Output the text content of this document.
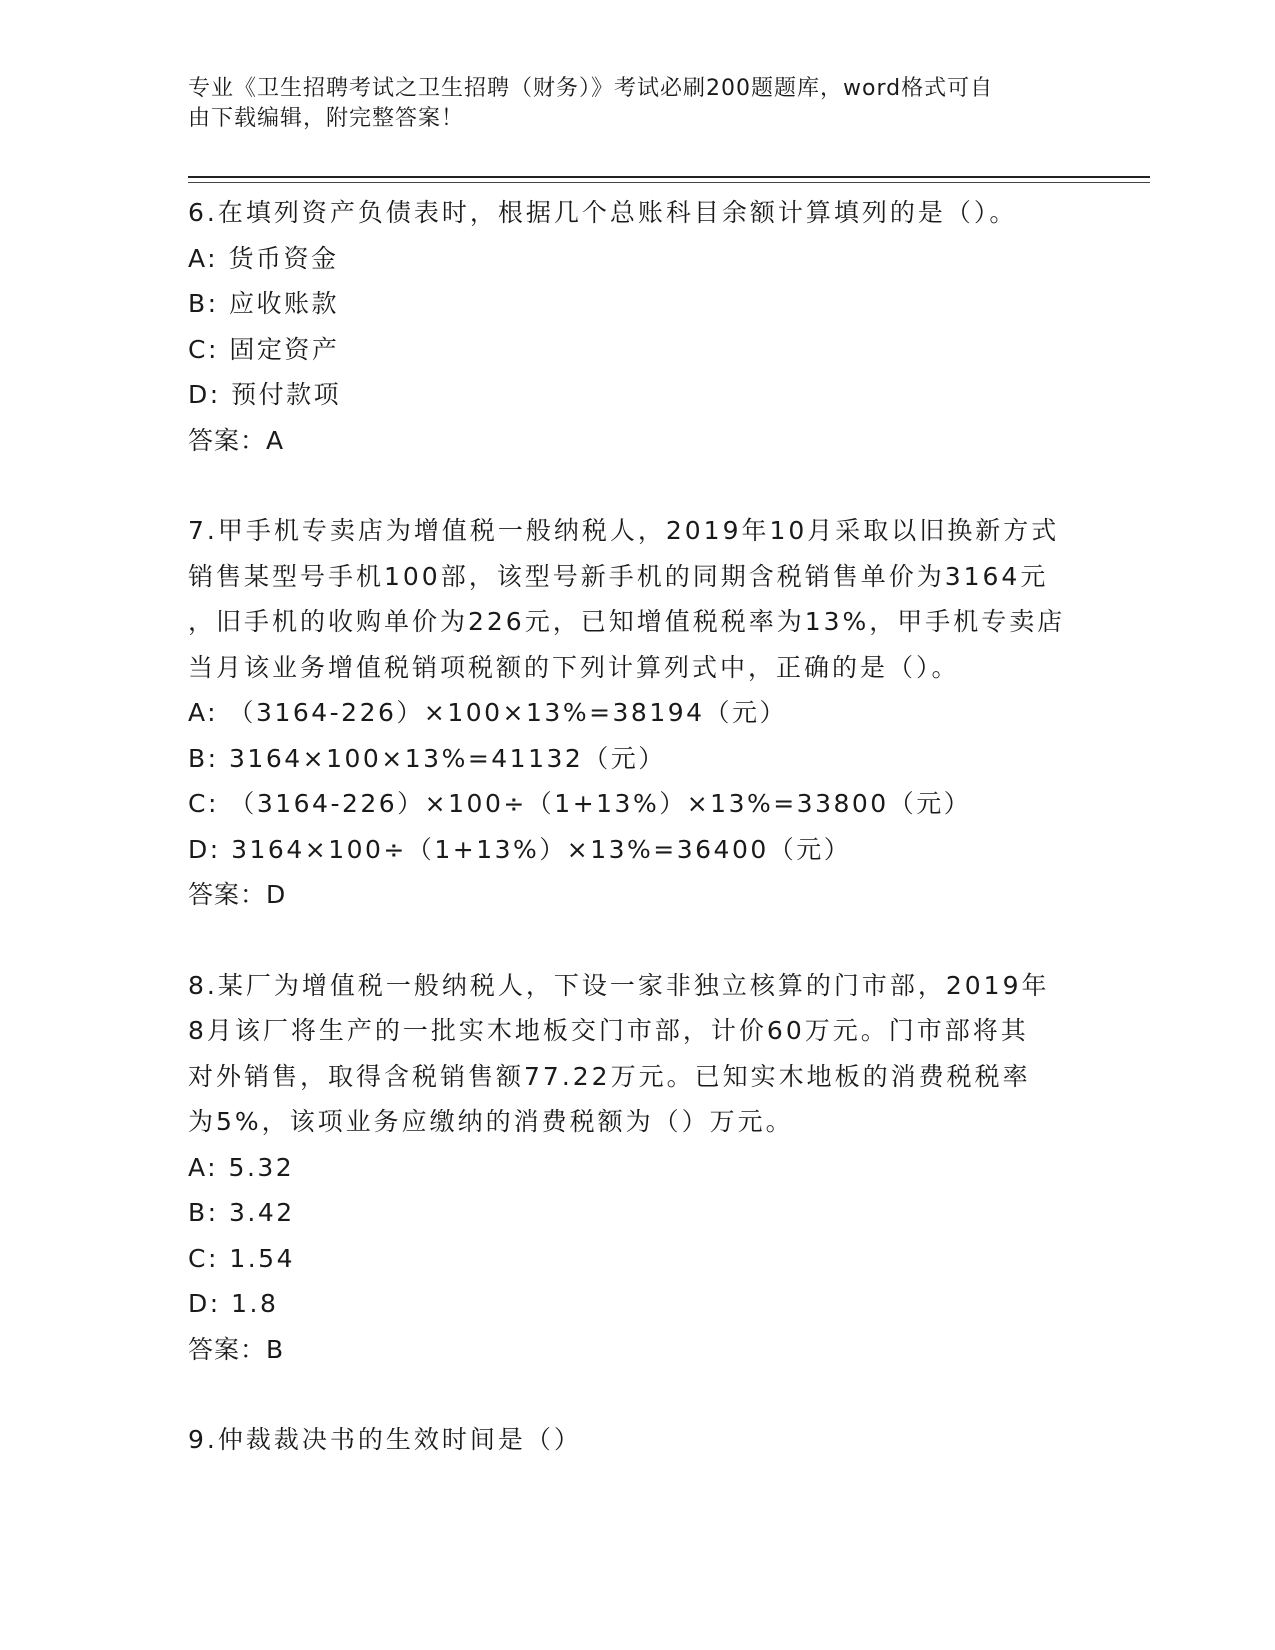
专业《卫生招聘考试之卫生招聘（财务）》考试必刷200题题库，word格式可自
由下载编辑，附完整答案！

6.在填列资产负债表时，根据几个总账科目余额计算填列的是（）。

A: 货币资金

B: 应收账款

C: 固定资产

D: 预付款项

答案：A

7.甲手机专卖店为增值税一般纳税人，2019年10月采取以旧换新方式

销售某型号手机100部，该型号新手机的同期含税销售单价为3164元

，旧手机的收购单价为226元，已知增值税税率为13%，甲手机专卖店

当月该业务增值税销项税额的下列计算列式中，正确的是（）。

A: （3164-226）×100×13%=38194（元）

B: 3164×100×13%=41132（元）

C: （3164-226）×100÷（1+13%）×13%=33800（元）

D: 3164×100÷（1+13%）×13%=36400（元）

答案：D

8.某厂为增值税一般纳税人，下设一家非独立核算的门市部，2019年

8月该厂将生产的一批实木地板交门市部，计价60万元。门市部将其

对外销售，取得含税销售额77.22万元。已知实木地板的消费税税率

为5%，该项业务应缴纳的消费税额为（）万元。

A: 5.32

B: 3.42

C: 1.54

D: 1.8

答案：B

9.仲裁裁决书的生效时间是（）
